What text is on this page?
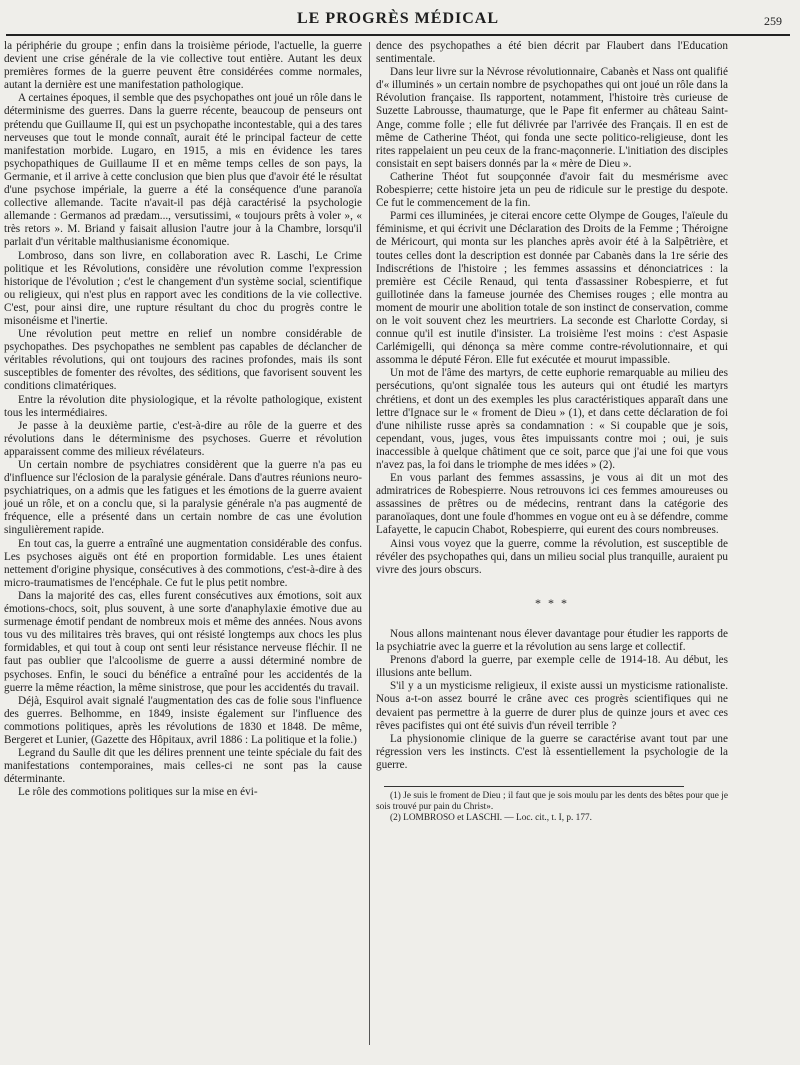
LE PROGRÈS MÉDICAL	259

la périphérie du groupe ; enfin dans la troisième période, l'actuelle, la guerre devient une crise générale de la vie collective tout entière. Autant les deux premières formes de la guerre peuvent être considérées comme normales, autant la dernière est une manifestation pathologique.

A certaines époques, il semble que des psychopathes ont joué un rôle dans le déterminisme des guerres. Dans la guerre récente, beaucoup de penseurs ont prétendu que Guillaume II, qui est un psychopathe incontestable, qui a des tares nerveuses que tout le monde connaît, aurait été le principal facteur de cette manifestation morbide. Lugaro, en 1915, a mis en évidence les tares psychopathiques de Guillaume II et en même temps celles de son pays, la Germanie, et il arrive à cette conclusion que bien plus que d'avoir été le résultat d'une psychose impériale, la guerre a été la conséquence d'une paranoïa collective allemande. Tacite n'avait-il pas déjà caractérisé la psychologie allemande : Germanos ad prædam..., versutissimi, « toujours prêts à voler », « très retors ». M. Briand y faisait allusion l'autre jour à la Chambre, lorsqu'il parlait d'un véritable malthusianisme économique.

Lombroso, dans son livre, en collaboration avec R. Laschi, Le Crime politique et les Révolutions, considère une révolution comme l'expression historique de l'évolution ; c'est le changement d'un système social, scientifique ou religieux, qui n'est plus en rapport avec les conditions de la vie collective. C'est, pour ainsi dire, une rupture résultant du choc du progrès contre le misonéisme et l'inertie.

Une révolution peut mettre en relief un nombre considérable de psychopathes. Des psychopathes ne semblent pas capables de déclancher de véritables révolutions, qui ont toujours des racines profondes, mais ils sont susceptibles de fomenter des révoltes, des séditions, que favorisent souvent les conditions climatériques.

Entre la révolution dite physiologique, et la révolte pathologique, existent tous les intermédiaires.

Je passe à la deuxième partie, c'est-à-dire au rôle de la guerre et des révolutions dans le déterminisme des psychoses. Guerre et révolution apparaissent comme des milieux révélateurs.

Un certain nombre de psychiatres considèrent que la guerre n'a pas eu d'influence sur l'éclosion de la paralysie générale. Dans d'autres réunions neuro-psychiatriques, on a admis que les fatigues et les émotions de la guerre avaient joué un rôle, et on a conclu que, si la paralysie générale n'a pas augmenté de fréquence, elle a présenté dans un certain nombre de cas une évolution singulièrement rapide.

En tout cas, la guerre a entraîné une augmentation considérable des confus. Les psychoses aiguës ont été en proportion formidable. Les unes étaient nettement d'origine physique, consécutives à des commotions, c'est-à-dire à des micro-traumatismes de l'encéphale. Ce fut le plus petit nombre.

Dans la majorité des cas, elles furent consécutives aux émotions, soit aux émotions-chocs, soit, plus souvent, à une sorte d'anaphylaxie émotive due au surmenage émotif pendant de nombreux mois et même des années. Nous avons tous vu des militaires très braves, qui ont résisté longtemps aux chocs les plus formidables, et qui tout à coup ont senti leur résistance nerveuse fléchir. Il ne faut pas oublier que l'alcoolisme de guerre a aussi déterminé nombre de psychoses. Enfin, le souci du bénéfice a entraîné pour les accidentés de la guerre la même réaction, la même sinistrose, que pour les accidentés du travail.

Déjà, Esquirol avait signalé l'augmentation des cas de folie sous l'influence des guerres. Belhomme, en 1849, insiste également sur l'influence des commotions politiques, après les révolutions de 1830 et 1848. De même, Bergeret et Lunier, (Gazette des Hôpitaux, avril 1886 : La politique et la folie.)

Legrand du Saulle dit que les délires prennent une teinte spéciale du fait des manifestations contemporaines, mais celles-ci ne sont pas la cause déterminante.

Le rôle des commotions politiques sur la mise en évi-

dence des psychopathes a été bien décrit par Flaubert dans l'Education sentimentale.

Dans leur livre sur la Névrose révolutionnaire, Cabanès et Nass ont qualifié d'« illuminés » un certain nombre de psychopathes qui ont joué un rôle dans la Révolution française. Ils rapportent, notamment, l'histoire très curieuse de Suzette Labrousse, thaumaturge, que le Pape fit enfermer au château Saint-Ange, comme folle ; elle fut délivrée par l'arrivée des Français. Il en est de même de Catherine Théot, qui fonda une secte politico-religieuse, dont les rites rappelaient un peu ceux de la franc-maçonnerie. L'initiation des disciples consistait en sept baisers donnés par la « mère de Dieu ».

Catherine Théot fut soupçonnée d'avoir fait du mesmérisme avec Robespierre; cette histoire jeta un peu de ridicule sur le prestige du despote. Ce fut le commencement de la fin.

Parmi ces illuminées, je citerai encore cette Olympe de Gouges, l'aïeule du féminisme, et qui écrivit une Déclaration des Droits de la Femme ; Théroigne de Méricourt, qui monta sur les planches après avoir été à la Salpêtrière, et toutes celles dont la description est donnée par Cabanès dans la 1re série des Indiscrétions de l'histoire ; les femmes assassins et dénonciatrices : la première est Cécile Renaud, qui tenta d'assassiner Robespierre, et fut guillotinée dans la fameuse journée des Chemises rouges ; elle montra au moment de mourir une abolition totale de son instinct de conservation, comme on le voit souvent chez les meurtriers. La seconde est Charlotte Corday, si connue qu'il est inutile d'insister. La troisième l'est moins : c'est Aspasie Carlémigelli, qui dénonça sa mère comme contre-révolutionnaire, et qui assomma le député Féron. Elle fut exécutée et mourut impassible.

Un mot de l'âme des martyrs, de cette euphorie remarquable au milieu des persécutions, qu'ont signalée tous les auteurs qui ont étudié les martyrs chrétiens, et dont un des exemples les plus caractéristiques apparaît dans une lettre d'Ignace sur le « froment de Dieu » (1), et dans cette déclaration de foi d'une nihiliste russe après sa condamnation : « Si coupable que je sois, cependant, vous, juges, vous êtes impuissants contre moi ; oui, je suis inaccessible à quelque châtiment que ce soit, parce que j'ai une foi que vous n'avez pas, la foi dans le triomphe de mes idées » (2).

En vous parlant des femmes assassins, je vous ai dit un mot des admiratrices de Robespierre. Nous retrouvons ici ces femmes amoureuses ou assassines de prêtres ou de médecins, rentrant dans la catégorie des paranoïaques, dont une foule d'hommes en vogue ont eu à se défendre, comme Lafayette, le capucin Chabot, Robespierre, qui eurent des cours nombreuses.

Ainsi vous voyez que la guerre, comme la révolution, est susceptible de révéler des psychopathes qui, dans un milieu social plus tranquille, auraient pu vivre des jours obscurs.

* * *

Nous allons maintenant nous élever davantage pour étudier les rapports de la psychiatrie avec la guerre et la révolution au sens large et collectif.

Prenons d'abord la guerre, par exemple celle de 1914-18. Au début, les illusions ante bellum.

S'il y a un mysticisme religieux, il existe aussi un mysticisme rationaliste. Nous a-t-on assez bourré le crâne avec ces progrès scientifiques qui ne devaient pas permettre à la guerre de durer plus de quinze jours et avec ces rêves pacifistes qui ont été suivis d'un réveil terrible ?

La physionomie clinique de la guerre se caractérise avant tout par une régression vers les instincts. C'est là essentiellement la psychologie de la guerre.

(1) Je suis le froment de Dieu ; il faut que je sois moulu par les dents des bêtes pour que je sois trouvé pur pain du Christ».

(2) LOMBROSO et LASCHI. — Loc. cit., t. I, p. 177.
